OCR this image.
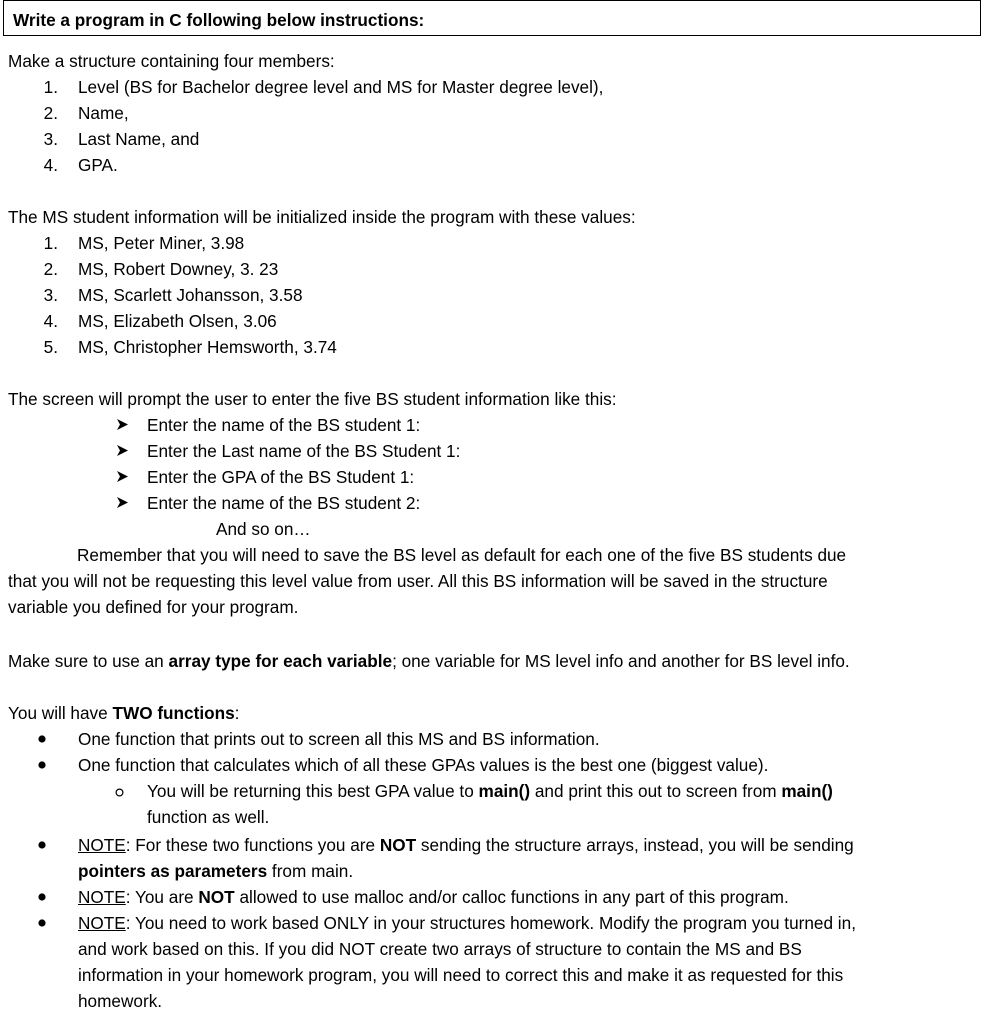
Write a program in C following below instructions:
Make a structure containing four members:
1. Level (BS for Bachelor degree level and MS for Master degree level),
2. Name,
3. Last Name, and
4. GPA.
The MS student information will be initialized inside the program with these values:
1. MS, Peter Miner, 3.98
2. MS, Robert Downey, 3. 23
3. MS, Scarlett Johansson, 3.58
4. MS, Elizabeth Olsen, 3.06
5. MS, Christopher Hemsworth, 3.74
The screen will prompt the user to enter the five BS student information like this:
Enter the name of the BS student 1:
Enter the Last name of the BS Student 1:
Enter the GPA of the BS Student 1:
Enter the name of the BS student 2:
And so on…
Remember that you will need to save the BS level as default for each one of the five BS students due
that you will not be requesting this level value from user. All this BS information will be saved in the structure
variable you defined for your program.
Make sure to use an array type for each variable; one variable for MS level info and another for BS level info.
You will have TWO functions:
One function that prints out to screen all this MS and BS information.
One function that calculates which of all these GPAs values is the best one (biggest value).
You will be returning this best GPA value to main() and print this out to screen from main()
function as well.
NOTE: For these two functions you are NOT sending the structure arrays, instead, you will be sending
pointers as parameters from main.
NOTE: You are NOT allowed to use malloc and/or calloc functions in any part of this program.
NOTE: You need to work based ONLY in your structures homework. Modify the program you turned in,
and work based on this. If you did NOT create two arrays of structure to contain the MS and BS
information in your homework program, you will need to correct this and make it as requested for this
homework.
